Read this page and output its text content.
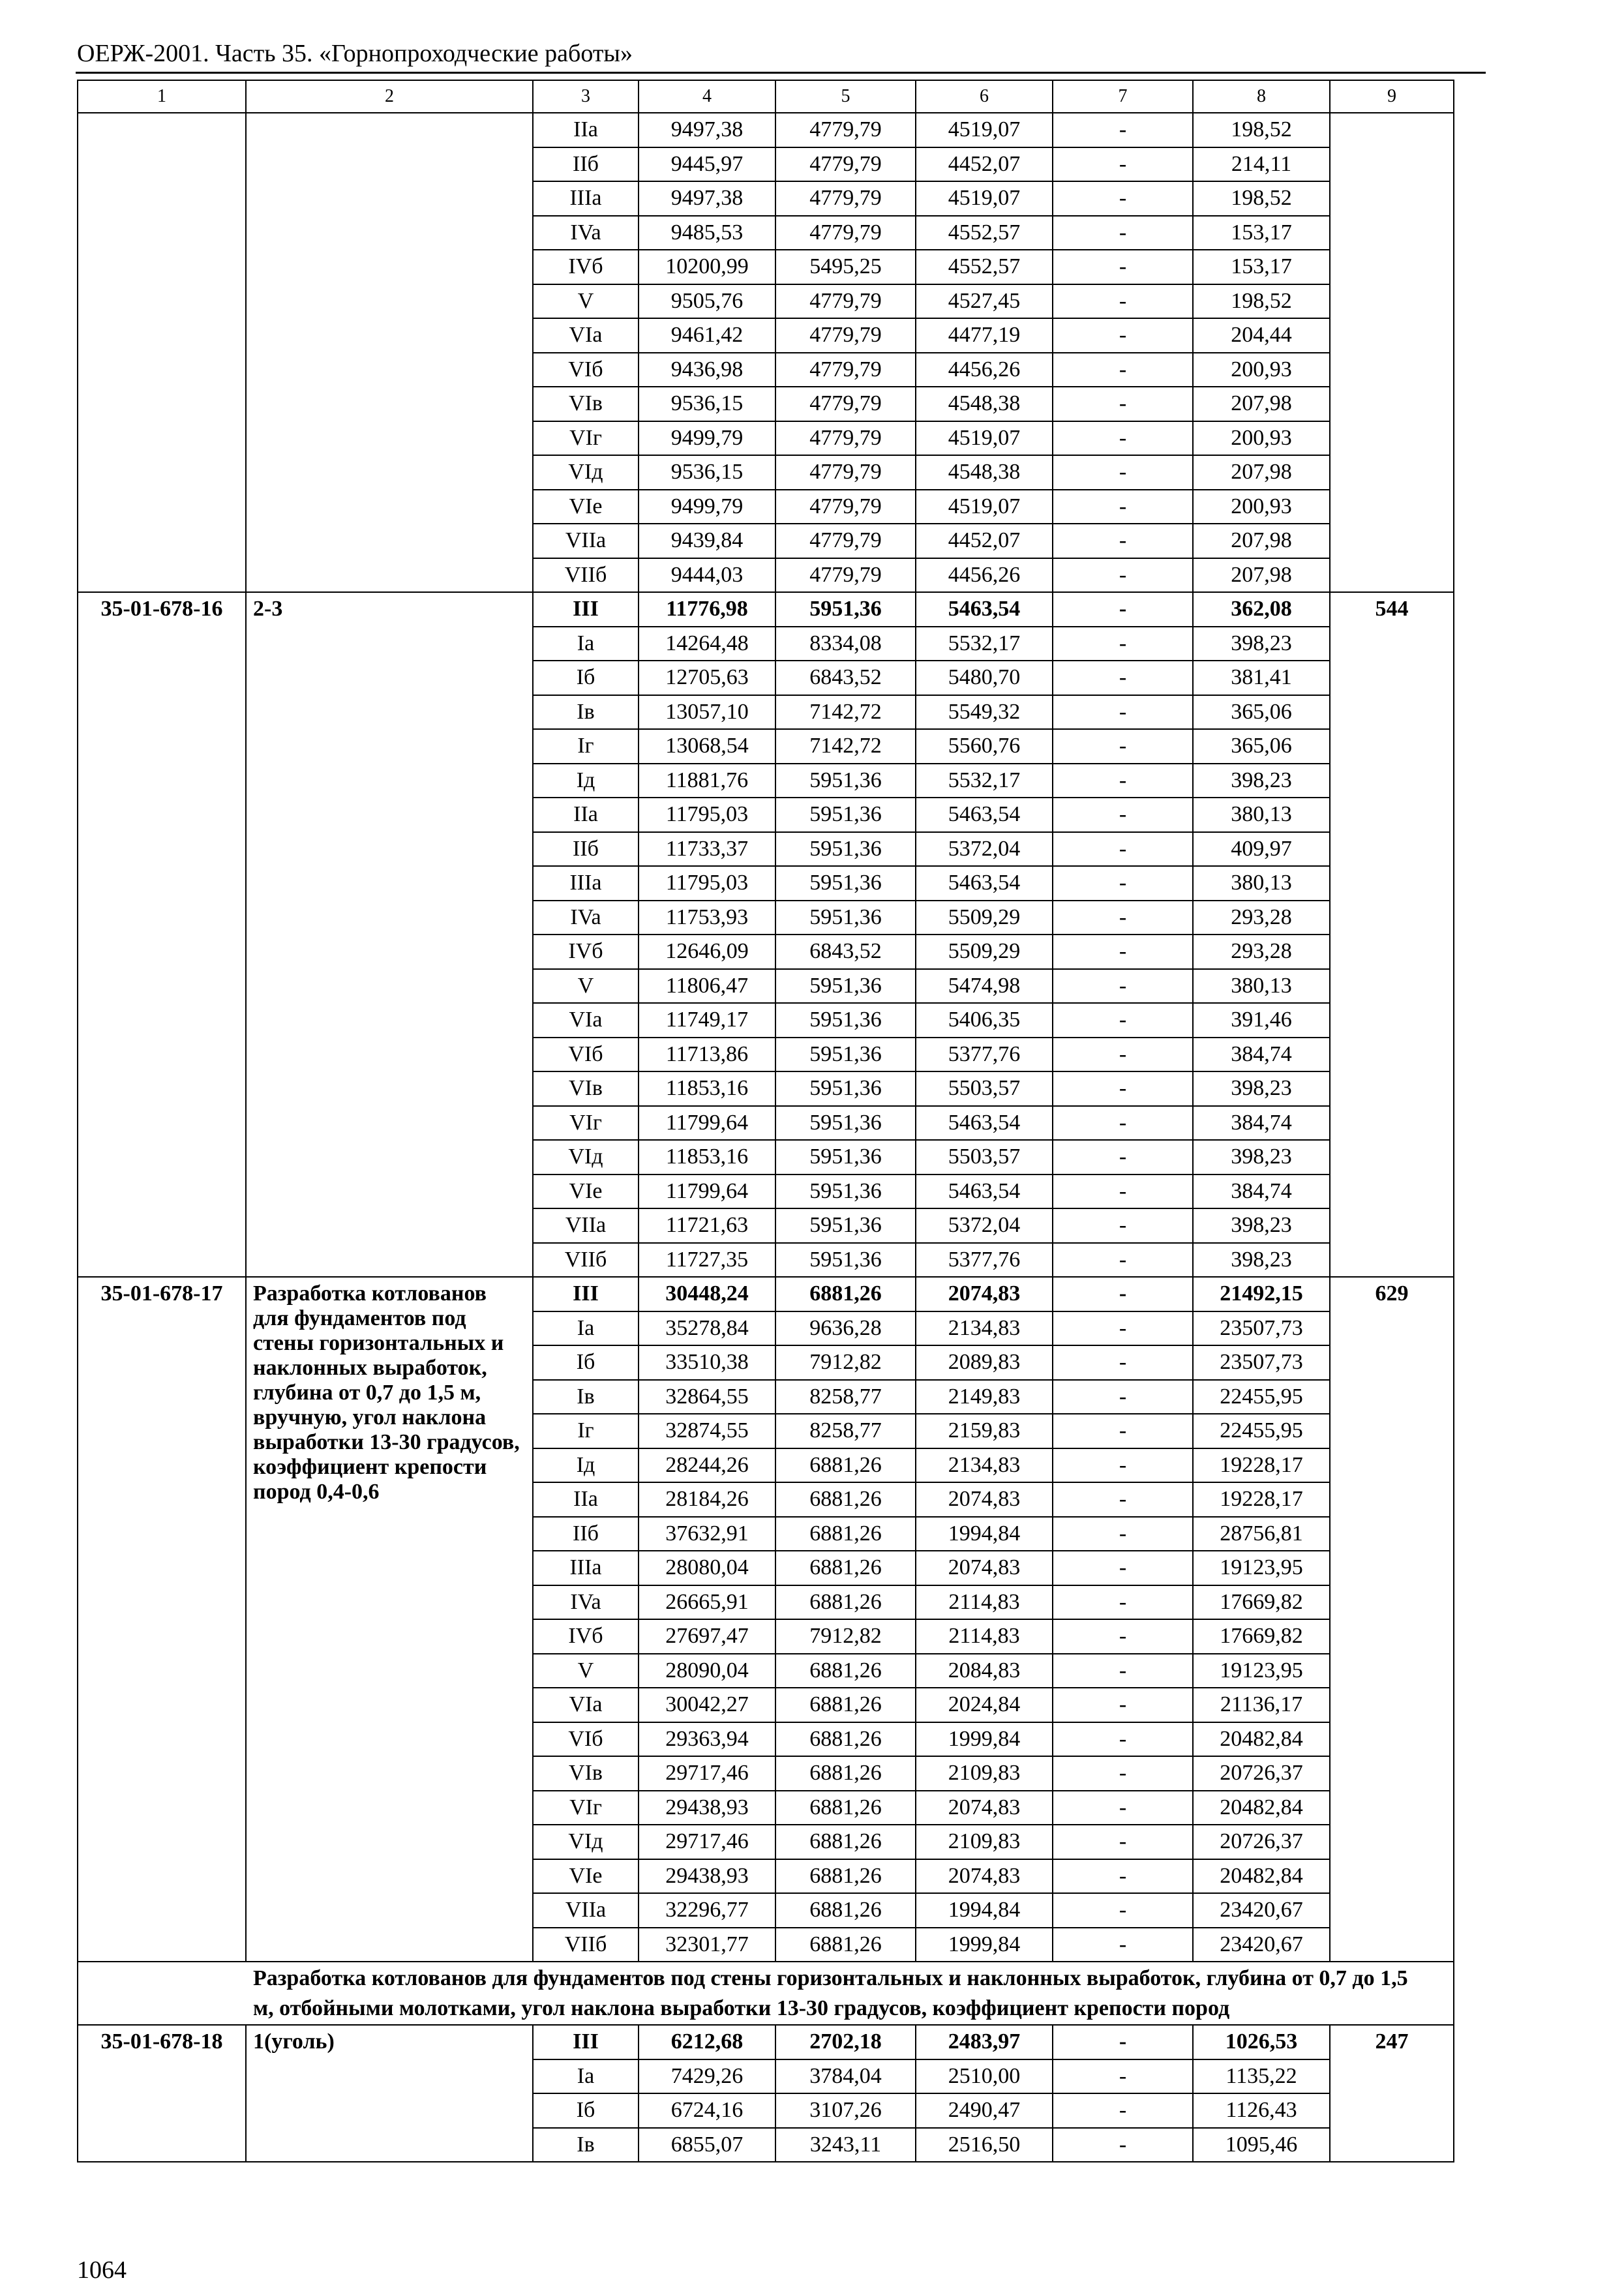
ОЕРЖ-2001. Часть 35. «Горнопроходческие работы»
1	2	3	4	5	6	7	8	9
		IIa	9497,38	4779,79	4519,07	-	198,52	
		IIб	9445,97	4779,79	4452,07	-	214,11	
		IIIa	9497,38	4779,79	4519,07	-	198,52	
		IVa	9485,53	4779,79	4552,57	-	153,17	
		IVб	10200,99	5495,25	4552,57	-	153,17	
		V	9505,76	4779,79	4527,45	-	198,52	
		VIa	9461,42	4779,79	4477,19	-	204,44	
		VIб	9436,98	4779,79	4456,26	-	200,93	
		VIв	9536,15	4779,79	4548,38	-	207,98	
		VIг	9499,79	4779,79	4519,07	-	200,93	
		VIд	9536,15	4779,79	4548,38	-	207,98	
		VIe	9499,79	4779,79	4519,07	-	200,93	
		VIIa	9439,84	4779,79	4452,07	-	207,98	
		VIIб	9444,03	4779,79	4456,26	-	207,98	
35-01-678-16	2-3	III	11776,98	5951,36	5463,54	-	362,08	544
		Ia	14264,48	8334,08	5532,17	-	398,23	
		Iб	12705,63	6843,52	5480,70	-	381,41	
		Iв	13057,10	7142,72	5549,32	-	365,06	
		Iг	13068,54	7142,72	5560,76	-	365,06	
		Iд	11881,76	5951,36	5532,17	-	398,23	
		IIa	11795,03	5951,36	5463,54	-	380,13	
		IIб	11733,37	5951,36	5372,04	-	409,97	
		IIIa	11795,03	5951,36	5463,54	-	380,13	
		IVa	11753,93	5951,36	5509,29	-	293,28	
		IVб	12646,09	6843,52	5509,29	-	293,28	
		V	11806,47	5951,36	5474,98	-	380,13	
		VIa	11749,17	5951,36	5406,35	-	391,46	
		VIб	11713,86	5951,36	5377,76	-	384,74	
		VIв	11853,16	5951,36	5503,57	-	398,23	
		VIг	11799,64	5951,36	5463,54	-	384,74	
		VIд	11853,16	5951,36	5503,57	-	398,23	
		VIe	11799,64	5951,36	5463,54	-	384,74	
		VIIa	11721,63	5951,36	5372,04	-	398,23	
		VIIб	11727,35	5951,36	5377,76	-	398,23	
35-01-678-17	Разработка котлованов для фундаментов под стены горизонтальных и наклонных выработок, глубина от 0,7 до 1,5 м, вручную, угол наклона выработки 13-30 градусов, коэффициент крепости пород 0,4-0,6	III	30448,24	6881,26	2074,83	-	21492,15	629
		Ia	35278,84	9636,28	2134,83	-	23507,73	
		Iб	33510,38	7912,82	2089,83	-	23507,73	
		Iв	32864,55	8258,77	2149,83	-	22455,95	
		Iг	32874,55	8258,77	2159,83	-	22455,95	
		Iд	28244,26	6881,26	2134,83	-	19228,17	
		IIa	28184,26	6881,26	2074,83	-	19228,17	
		IIб	37632,91	6881,26	1994,84	-	28756,81	
		IIIa	28080,04	6881,26	2074,83	-	19123,95	
		IVa	26665,91	6881,26	2114,83	-	17669,82	
		IVб	27697,47	7912,82	2114,83	-	17669,82	
		V	28090,04	6881,26	2084,83	-	19123,95	
		VIa	30042,27	6881,26	2024,84	-	21136,17	
		VIб	29363,94	6881,26	1999,84	-	20482,84	
		VIв	29717,46	6881,26	2109,83	-	20726,37	
		VIг	29438,93	6881,26	2074,83	-	20482,84	
		VIд	29717,46	6881,26	2109,83	-	20726,37	
		VIe	29438,93	6881,26	2074,83	-	20482,84	
		VIIa	32296,77	6881,26	1994,84	-	23420,67	
		VIIб	32301,77	6881,26	1999,84	-	23420,67	
Разработка котлованов для фундаментов под стены горизонтальных и наклонных выработок, глубина от 0,7 до 1,5 м, отбойными молотками, угол наклона выработки 13-30 градусов, коэффициент крепости пород								
35-01-678-18	1(уголь)	III	6212,68	2702,18	2483,97	-	1026,53	247
		Ia	7429,26	3784,04	2510,00	-	1135,22	
		Iб	6724,16	3107,26	2490,47	-	1126,43	
		Iв	6855,07	3243,11	2516,50	-	1095,46	
1064
